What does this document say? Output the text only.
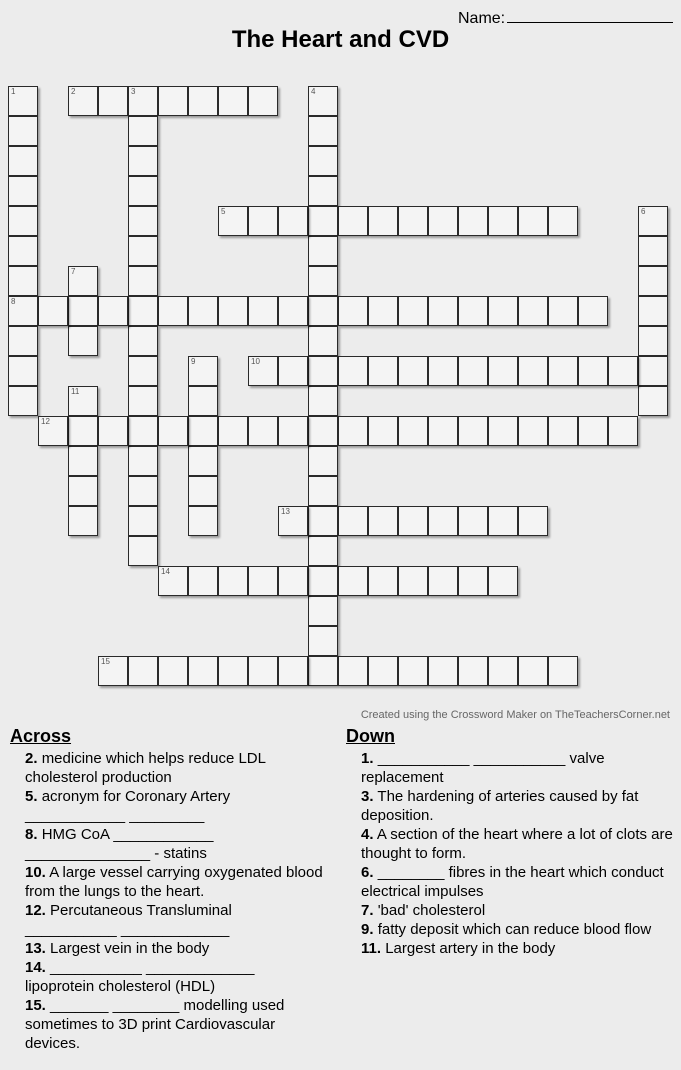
Name:
The Heart and CVD
1
8
2	3	4
5	6
7
9	10
11
12
13
14
15
Created using the Crossword Maker on TheTeachersCorner.net
Across	Down

2. medicine which helps reduce LDL cholesterol production

5. acronym for Coronary Artery ____________ _________

8. HMG CoA ____________ _______________ - statins

10. A large vessel carrying oxygenated blood from the lungs to the heart.

12. Percutaneous Transluminal ___________ _____________

13. Largest vein in the body

14. ___________ _____________ lipoprotein cholesterol (HDL)

15. _______ ________ modelling used sometimes to 3D print Cardiovascular devices.

1. ___________ ___________ valve replacement

3. The hardening of arteries caused by fat deposition.

4. A section of the heart where a lot of clots are thought to form.

6. ________ fibres in the heart which conduct electrical impulses

7. 'bad' cholesterol

9. fatty deposit which can reduce blood flow

11. Largest artery in the body
